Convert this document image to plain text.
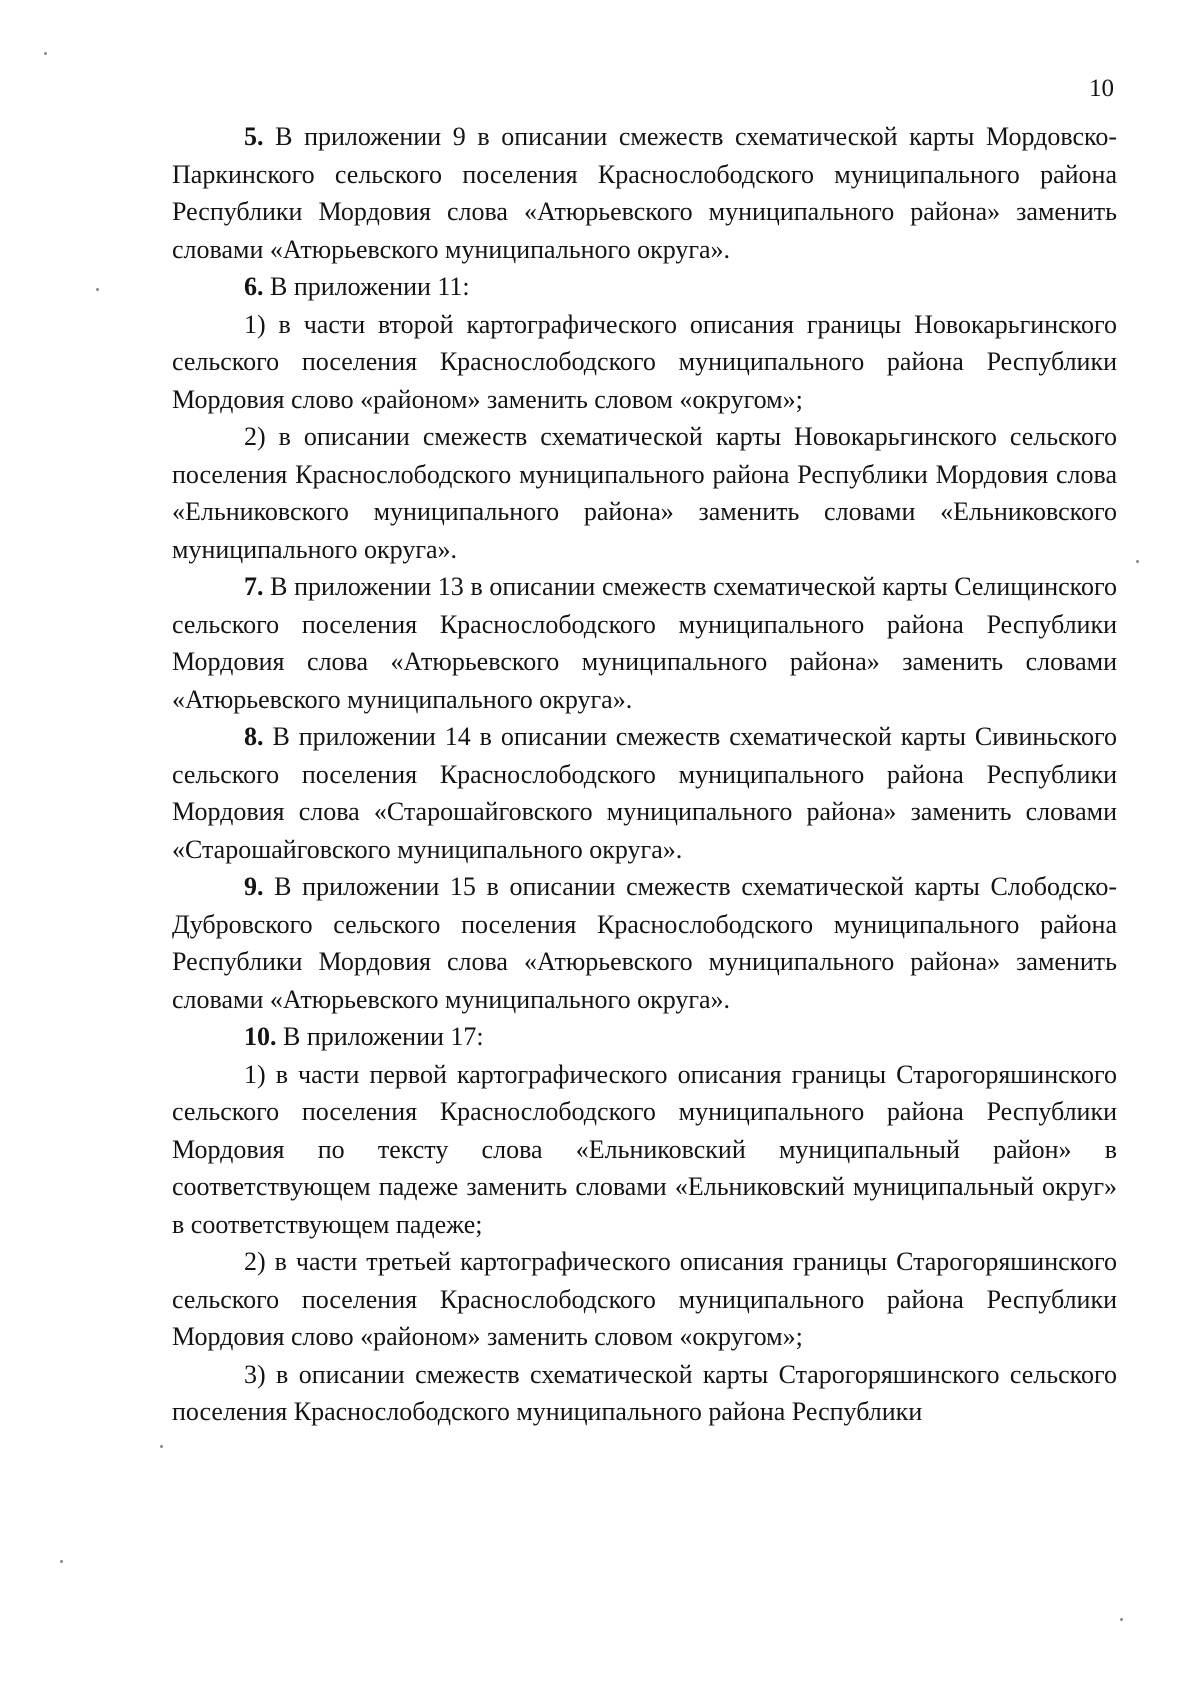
10

5. В приложении 9 в описании смежеств схематической карты Мордовско-Паркинского сельского поселения Краснослободского муниципального района Республики Мордовия слова «Атюрьевского муниципального района» заменить словами «Атюрьевского муниципального округа».

6. В приложении 11:

1) в части второй картографического описания границы Новокарьгинского сельского поселения Краснослободского муниципального района Республики Мордовия слово «районом» заменить словом «округом»;

2) в описании смежеств схематической карты Новокарьгинского сельского поселения Краснослободского муниципального района Республики Мордовия слова «Ельниковского муниципального района» заменить словами «Ельниковского муниципального округа».

7. В приложении 13 в описании смежеств схематической карты Селищинского сельского поселения Краснослободского муниципального района Республики Мордовия слова «Атюрьевского муниципального района» заменить словами «Атюрьевского муниципального округа».

8. В приложении 14 в описании смежеств схематической карты Сивиньского сельского поселения Краснослободского муниципального района Республики Мордовия слова «Старошайговского муниципального района» заменить словами «Старошайговского муниципального округа».

9. В приложении 15 в описании смежеств схематической карты Слободско-Дубровского сельского поселения Краснослободского муниципального района Республики Мордовия слова «Атюрьевского муниципального района» заменить словами «Атюрьевского муниципального округа».

10. В приложении 17:

1) в части первой картографического описания границы Старогоряшинского сельского поселения Краснослободского муниципального района Республики Мордовия по тексту слова «Ельниковский муниципальный район» в соответствующем падеже заменить словами «Ельниковский муниципальный округ» в соответствующем падеже;

2) в части третьей картографического описания границы Старогоряшинского сельского поселения Краснослободского муниципального района Республики Мордовия слово «районом» заменить словом «округом»;

3) в описании смежеств схематической карты Старогоряшинского сельского поселения Краснослободского муниципального района Республики
